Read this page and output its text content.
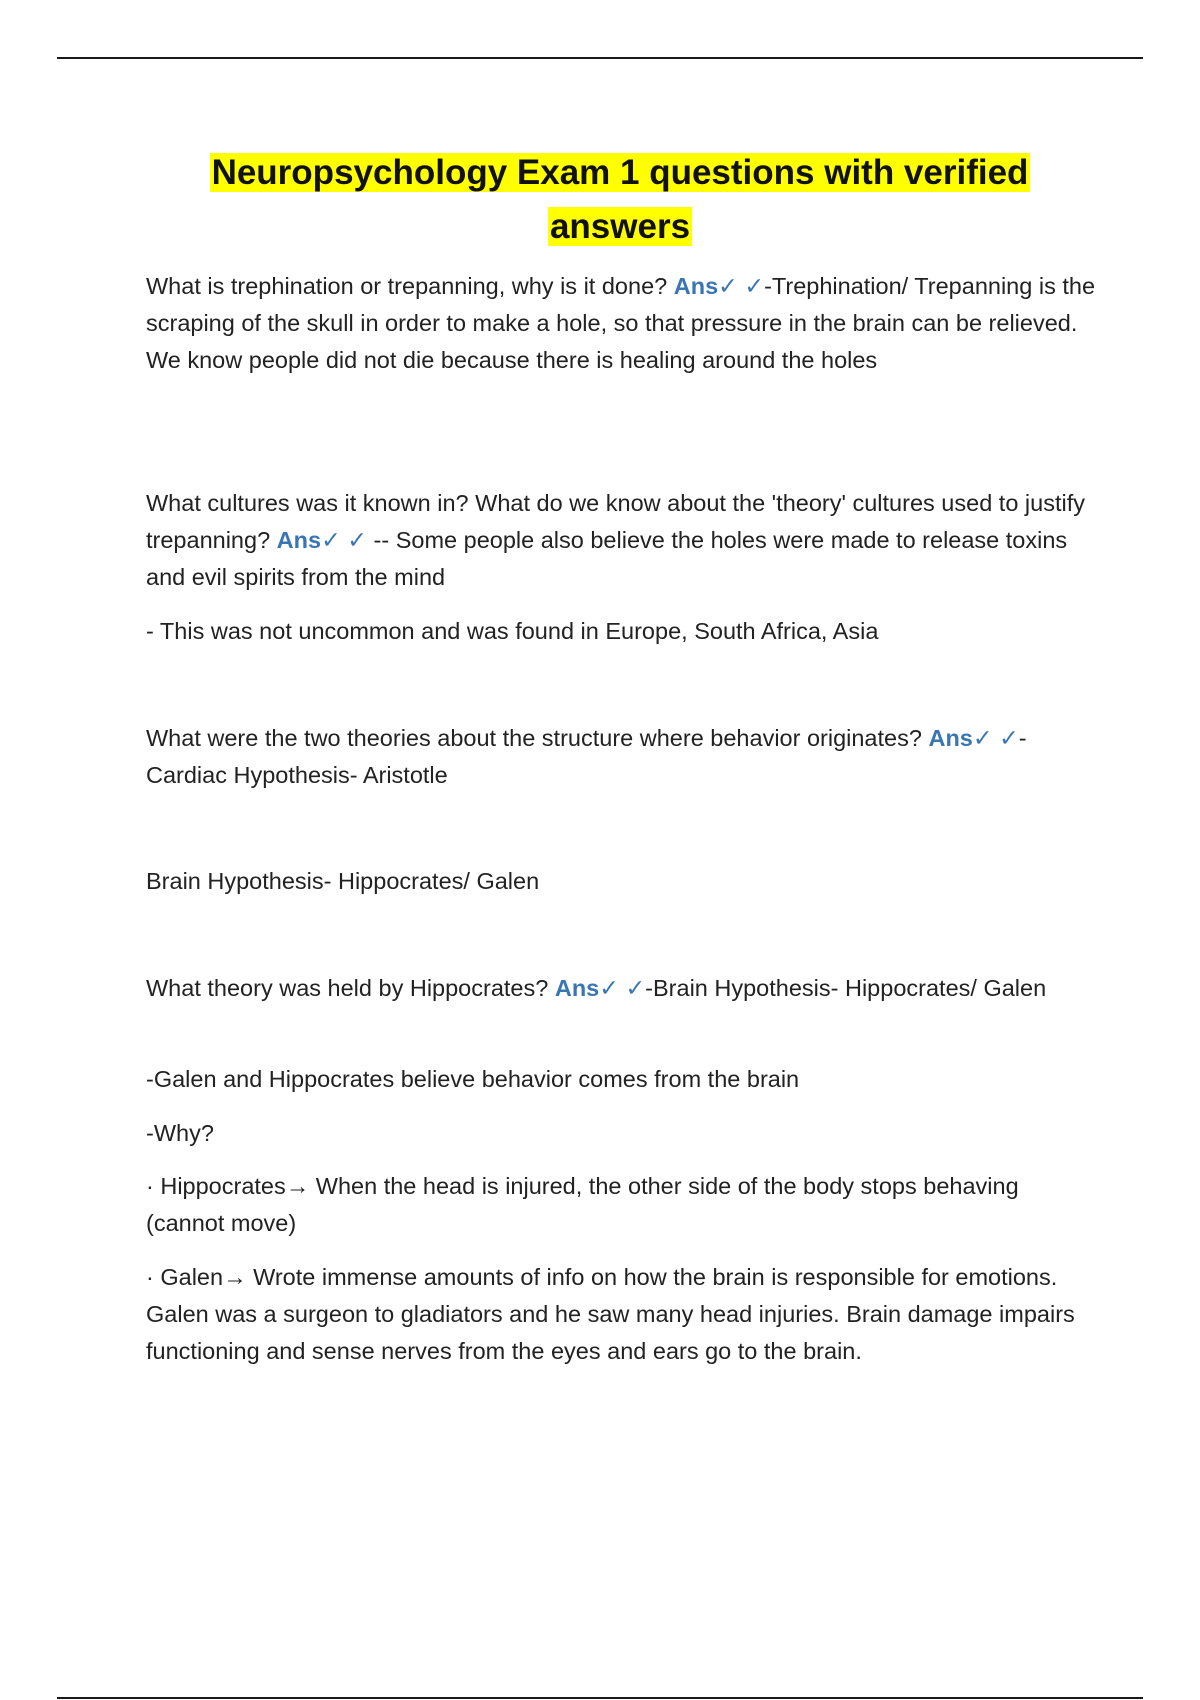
Neuropsychology Exam 1 questions with verified answers

What is trephination or trepanning, why is it done? Ans✓ ✓-Trephination/ Trepanning is the scraping of the skull in order to make a hole, so that pressure in the brain can be relieved. We know people did not die because there is healing around the holes

What cultures was it known in? What do we know about the 'theory' cultures used to justify trepanning? Ans✓ ✓ -- Some people also believe the holes were made to release toxins and evil spirits from the mind

- This was not uncommon and was found in Europe, South Africa, Asia

What were the two theories about the structure where behavior originates? Ans✓ ✓-Cardiac Hypothesis- Aristotle

Brain Hypothesis- Hippocrates/ Galen

What theory was held by Hippocrates? Ans✓ ✓-Brain Hypothesis- Hippocrates/ Galen

-Galen and Hippocrates believe behavior comes from the brain

-Why?

· Hippocrates→ When the head is injured, the other side of the body stops behaving (cannot move)

· Galen→ Wrote immense amounts of info on how the brain is responsible for emotions. Galen was a surgeon to gladiators and he saw many head injuries. Brain damage impairs functioning and sense nerves from the eyes and ears go to the brain.
